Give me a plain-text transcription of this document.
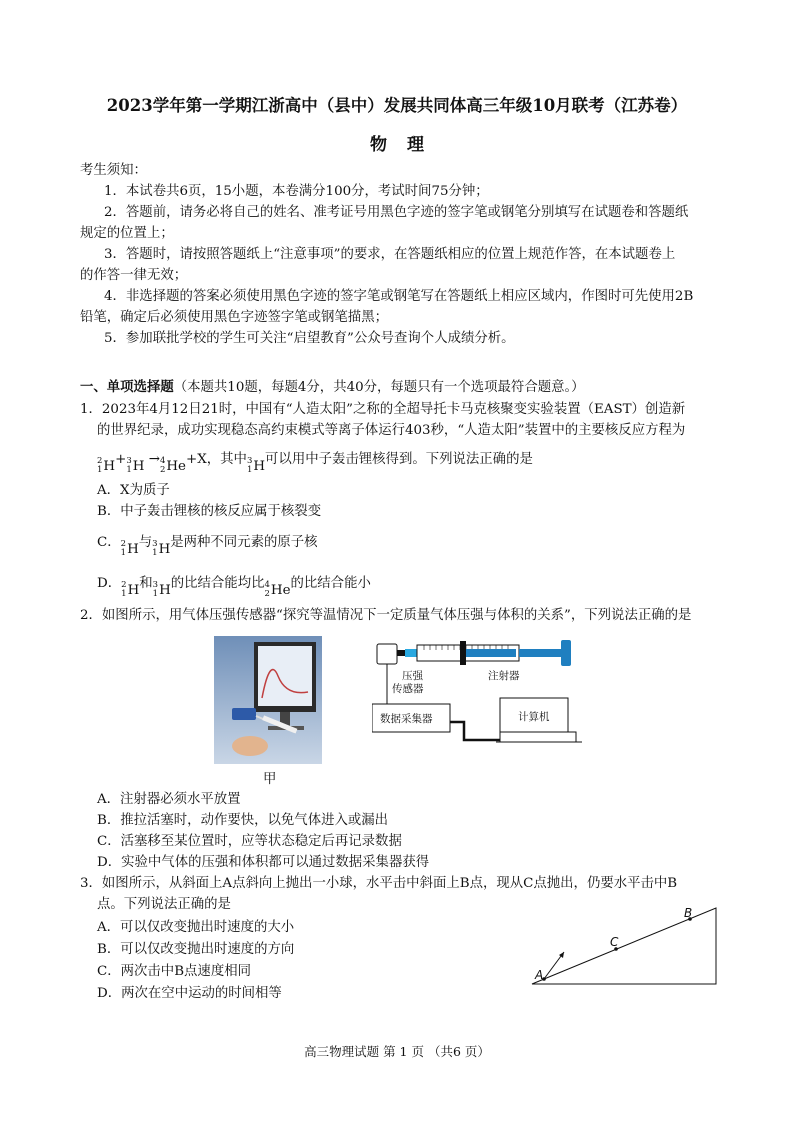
2023学年第一学期江浙高中（县中）发展共同体高三年级10月联考（江苏卷）
物理
考生须知：
1．本试卷共6页，15小题，本卷满分100分，考试时间75分钟；
2．答题前，请务必将自己的姓名、准考证号用黑色字迹的签字笔或钢笔分别填写在试题卷和答题纸
规定的位置上；
3．答题时，请按照答题纸上“注意事项”的要求，在答题纸相应的位置上规范作答，在本试题卷上
的作答一律无效；
4．非选择题的答案必须使用黑色字迹的签字笔或钢笔写在答题纸上相应区域内，作图时可先使用2B
铅笔，确定后必须使用黑色字迹签字笔或钢笔描黑；
5．参加联批学校的学生可关注“启望教育”公众号查询个人成绩分析。
一、单项选择题（本题共10题，每题4分，共40分，每题只有一个选项最符合题意。）
1．2023年4月12日21时，中国有“人造太阳”之称的全超导托卡马克核聚变实验装置（EAST）创造新
的世界纪录，成功实现稳态高约束模式等离子体运行403秒，“人造太阳”装置中的主要核反应方程为
2
1 H + 3
1 H → 4
2 He +X，其中 3
1 H 可以用中子轰击锂核得到。下列说法正确的是
A．X为质子
B．中子轰击锂核的核反应属于核裂变
C． 2
1 H 与 3
1 H 是两种不同元素的原子核
D． 2
1 H 和 3
1 H 的比结合能均比 4
2 He 的比结合能小
2．如图所示，用气体压强传感器“探究等温情况下一定质量气体压强与体积的关系”，下列说法正确的是
甲
压强
传感器
注射器
数据采集器	计算机
A．注射器必须水平放置
B．推拉活塞时，动作要快，以免气体进入或漏出
C．活塞移至某位置时，应等状态稳定后再记录数据
D．实验中气体的压强和体积都可以通过数据采集器获得
3．如图所示，从斜面上A点斜向上抛出一小球，水平击中斜面上B点，现从C点抛出，仍要水平击中B
点。下列说法正确的是
A．可以仅改变抛出时速度的大小
B．可以仅改变抛出时速度的方向
C．两次击中B点速度相同
D．两次在空中运动的时间相等
A
C
B
高三物理试题 第 1 页 （共6 页）
